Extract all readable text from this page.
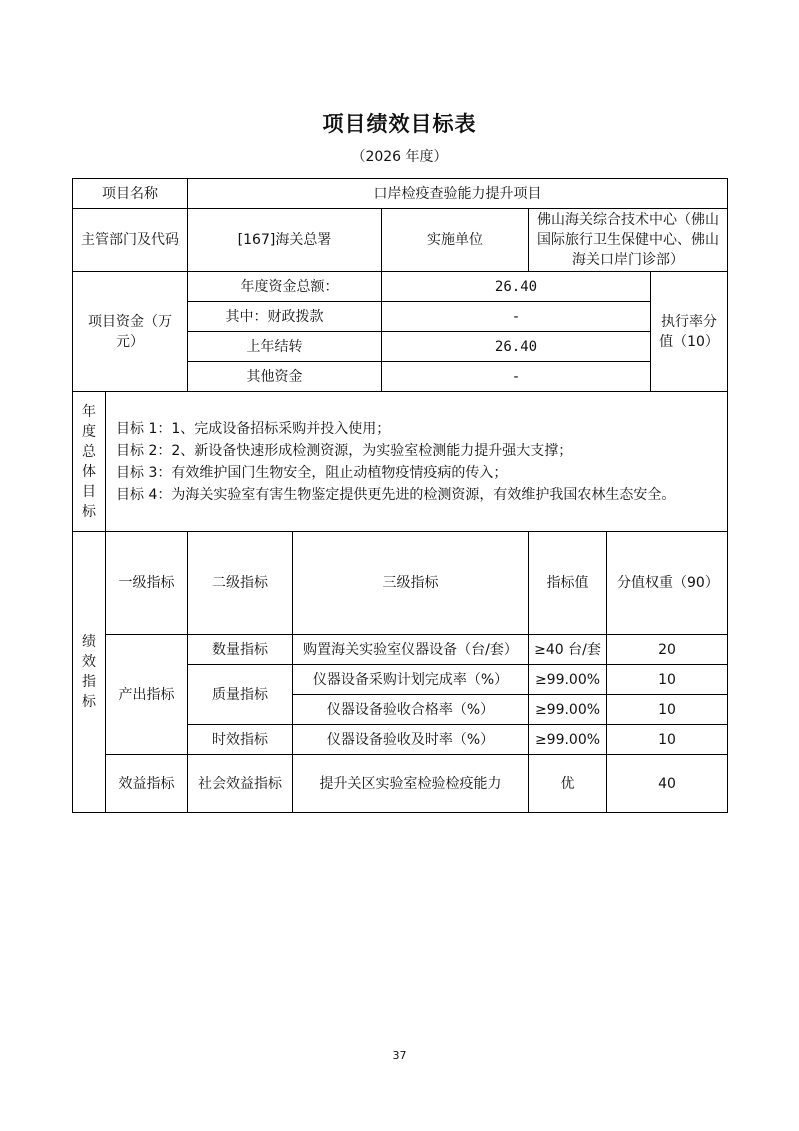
项目绩效目标表
（2026 年度）
项目名称		口岸检疫查验能力提升项目					
主管部门及代码		[167]海关总署		实施单位	佛山海关综合技术中心（佛山国际旅行卫生保健中心、佛山海关口岸门诊部）		
项目资金（万元）		年度资金总额：		26.40			执行率分值（10）
		其中：财政拨款		-			
		上年结转		26.40			
		其他资金		-			

年度总体目标	目标 1：1、完成设备招标采购并投入使用；
目标 2：2、新设备快速形成检测资源，为实验室检测能力提升强大支撑；
目标 3：有效维护国门生物安全，阻止动植物疫情疫病的传入；
目标 4：为海关实验室有害生物鉴定提供更先进的检测资源，有效维护我国农林生态安全。						

绩效指标	一级指标	二级指标	三级指标		指标值	分值权重（90）	
	产出指标	数量指标	购置海关实验室仪器设备（台/套）		≥40 台/套	20	
		质量指标	仪器设备采购计划完成率（%）		≥99.00%	10	
			仪器设备验收合格率（%）		≥99.00%	10	
		时效指标	仪器设备验收及时率（%）		≥99.00%	10	
	效益指标	社会效益指标	提升关区实验室检验检疫能力		优	40	
37
